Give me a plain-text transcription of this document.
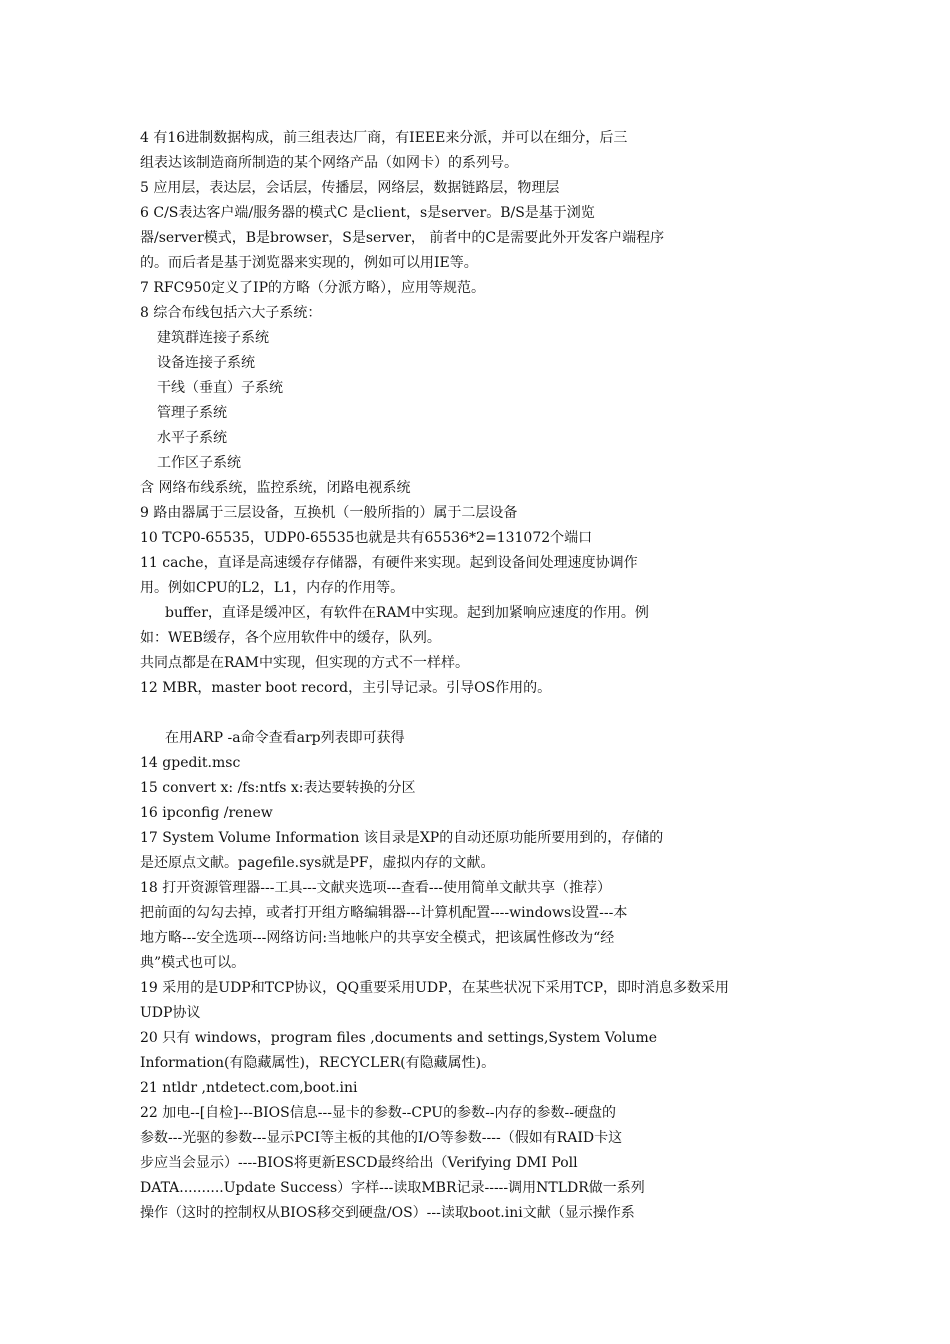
4 有16进制数据构成，前三组表达厂商，有IEEE来分派，并可以在细分，后三
组表达该制造商所制造的某个网络产品（如网卡）的系列号。
5 应用层，表达层，会话层，传播层，网络层，数据链路层，物理层
6 C/S表达客户端/服务器的模式C 是client，s是server。B/S是基于浏览
器/server模式，B是browser，S是server， 前者中的C是需要此外开发客户端程序
的。而后者是基于浏览器来实现的，例如可以用IE等。
7 RFC950定义了IP的方略（分派方略），应用等规范。
8 综合布线包括六大子系统：
建筑群连接子系统
设备连接子系统
干线（垂直）子系统
管理子系统
水平子系统
工作区子系统
含 网络布线系统，监控系统，闭路电视系统
9 路由器属于三层设备，互换机（一般所指的）属于二层设备
10 TCP0-65535，UDP0-65535也就是共有65536*2=131072个端口
11 cache，直译是高速缓存存储器，有硬件来实现。起到设备间处理速度协调作
用。例如CPU的L2，L1，内存的作用等。
buffer，直译是缓冲区，有软件在RAM中实现。起到加紧响应速度的作用。例
如：WEB缓存，各个应用软件中的缓存，队列。
共同点都是在RAM中实现，但实现的方式不一样样。
12 MBR，master boot record，主引导记录。引导OS作用的。
在用ARP -a命令查看arp列表即可获得
14 gpedit.msc
15 convert x: /fs:ntfs x:表达要转换的分区
16 ipconfig /renew
17 System Volume Information 该目录是XP的自动还原功能所要用到的，存储的
是还原点文献。pagefile.sys就是PF，虚拟内存的文献。
18 打开资源管理器---工具---文献夹选项---查看---使用简单文献共享（推荐）
把前面的勾勾去掉，或者打开组方略编辑器---计算机配置----windows设置---本
地方略---安全选项---网络访问:当地帐户的共享安全模式，把该属性修改为“经
典”模式也可以。
19 采用的是UDP和TCP协议，QQ重要采用UDP，在某些状况下采用TCP，即时消息多数采用
UDP协议
20 只有 windows，program files ,documents and settings,System Volume
Information(有隐藏属性)，RECYCLER(有隐藏属性)。
21 ntldr ,ntdetect.com,boot.ini
22 加电--[自检]---BIOS信息---显卡的参数--CPU的参数--内存的参数--硬盘的
参数---光驱的参数---显示PCI等主板的其他的I/O等参数----（假如有RAID卡这
步应当会显示）----BIOS将更新ESCD最终给出（Verifying DMI Poll
DATA..........Update Success）字样---读取MBR记录-----调用NTLDR做一系列
操作（这时的控制权从BIOS移交到硬盘/OS）---读取boot.ini文献（显示操作系
